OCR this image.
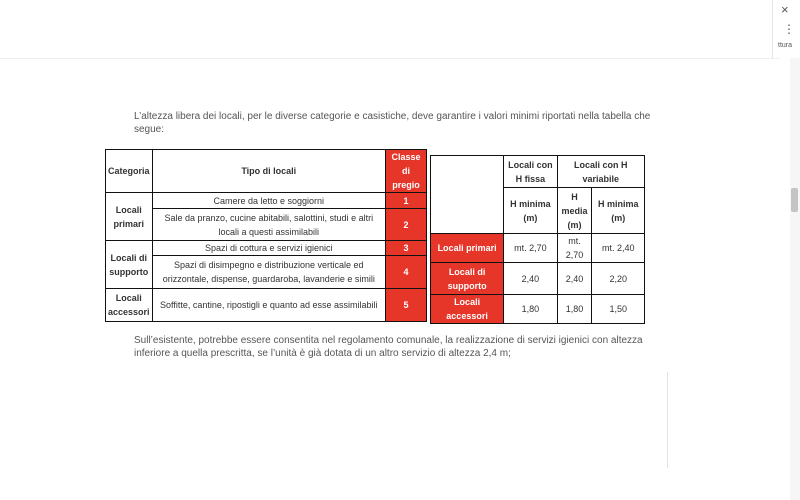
×
⋮
ttura
L’altezza libera dei locali, per le diverse categorie e casistiche, deve garantire i valori minimi riportati nella tabella che segue:
Categoria	Tipo di locali	Classe di pregio
Locali primari	Camere da letto e soggiorni	1
	Sale da pranzo, cucine abitabili, salottini, studi e altri locali a questi assimilabili	2
Locali di supporto	Spazi di cottura e servizi igienici	3
	Spazi di disimpegno e distribuzione verticale ed orizzontale, dispense, guardaroba, lavanderie e simili	4
Locali accessori	Soffitte, cantine, ripostigli e quanto ad esse assimilabili	5
	Locali con H fissa	Locali con H variabile	
	H minima (m)	H media (m)	H minima (m)
Locali primari	mt. 2,70	mt. 2,70	mt. 2,40
Locali di supporto	2,40	2,40	2,20
Locali accessori	1,80	1,80	1,50
Sull’esistente, potrebbe essere consentita nel regolamento comunale, la realizzazione di servizi igienici con altezza inferiore a quella prescritta, se l’unità è già dotata di un altro servizio di altezza 2,4 m;
